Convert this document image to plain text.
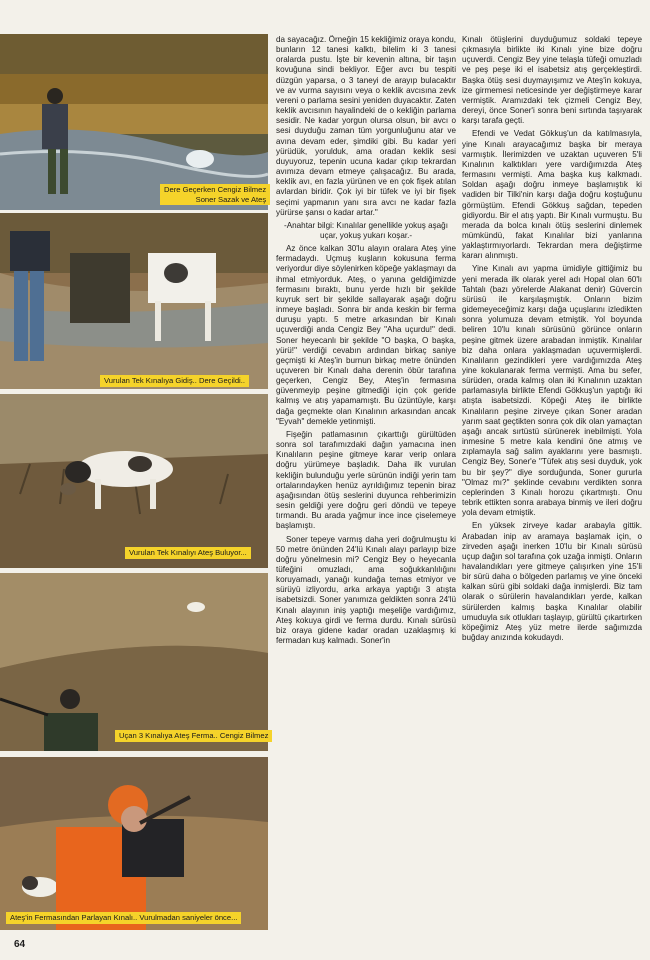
Dere Geçerken Cengiz Bilmez
Soner Sazak ve Ateş
Vurulan Tek Kınalıya Gidiş.. Dere Geçildi..
Vurulan Tek Kınalıyı Ateş Buluyor...
Uçan 3 Kınalıya Ateş Ferma.. Cengiz Bilmez
Ateş'in Fermasından Parlayan Kınalı.. Vurulmadan saniyeler önce...

da sayacağız. Örneğin 15 kekliğimiz oraya kondu, bunların 12 tanesi kalktı, bilelim ki 3 tanesi oralarda pustu. İşte bir kevenin altına, bir taşın kovuğuna sindi bekliyor. Eğer avcı bu tespiti düzgün yaparsa, o 3 taneyi de arayıp bulacaktır ve av vurma sayısını veya o keklik avcısına zevk vereni o parlama sesini yeniden duyacaktır. Zaten keklik avcısının hayalindeki de o kekliğin parlama sesidir. Ne kadar yorgun olursa olsun, bir avcı o sesi duyduğu zaman tüm yorgunluğunu atar ve avına devam eder, şimdiki gibi. Bu kadar yeri yürüdük, yorulduk, ama oradan keklik sesi duyuyoruz, tepenin ucuna kadar çıkıp tekrardan avımıza devam etmeye çalışacağız. Bu arada, keklik avı, en fazla yürünen ve en çok fişek atılan avlardan biridir. Çok iyi bir tüfek ve iyi bir fişek seçimi yapmanın yanı sıra avcı ne kadar fazla yürürse şansı o kadar artar."

-Anahtar bilgi: Kınalılar genellikle yokuş aşağı uçar, yokuş yukarı koşar.-

Az önce kalkan 30'lu alayın oralara Ateş yine fermadaydı. Uçmuş kuşların kokusuna ferma veriyordur diye söylenirken köpeğe yaklaşmayı da ihmal etmiyorduk. Ateş, o yanına geldiğimizde fermasını bıraktı, bunu yerde hızlı bir şekilde kuyruk sert bir şekilde sallayarak aşağı doğru inmeye başladı. Sonra bir anda keskin bir ferma duruşu yaptı. 5 metre arkasından bir Kınalı uçuverdiği anda Cengiz Bey "Aha uçurdu!" dedi. Soner heyecanlı bir şekilde "O başka, O başka, yürü!" verdiği cevabın ardından birkaç saniye geçmişti ki Ateş'in burnun birkaç metre önünden uçuveren bir Kınalı daha derenin öbür tarafına geçerken, Cengiz Bey, Ateş'in fermasına güvenmeyip peşine gitmediği için çok geride kalmış ve atış yapamamıştı. Bu üzüntüyle, karşı dağa geçmekte olan Kınalının arkasından ancak "Eyvah" demekle yetinmişti.

Fişeğin patlamasının çıkarttığı gürültüden sonra sol tarafımızdaki dağın yamacına inen Kınalıların peşine gitmeye karar verip onlara doğru yürümeye başladık. Daha ilk vurulan kekliğin bulunduğu yerle sürünün indiği yerin tam ortalarındayken henüz ayrıldığımız tepenin biraz aşağısından ötüş seslerini duyunca rehberimizin sesin geldiği yere doğru geri döndü ve tepeye tırmandı. Bu arada yağmur ince ince çiselemeye başlamıştı.

Soner tepeye varmış daha yeri doğrulmuştu ki 50 metre önünden 24'lü Kınalı alayı parlayıp bize doğru yönelmesin mi? Cengiz Bey o heyecanla tüfeğini omuzladı, ama soğukkanlılığını koruyamadı, yanağı kundağa temas etmiyor ve sürüyü izliyordu, arka arkaya yaptığı 3 atışta isabetsizdi. Soner yanımıza geldikten sonra 24'lü Kınalı alayının iniş yaptığı meşeliğe vardığımız, Ateş kokuya girdi ve ferma durdu. Kınalı sürüsü biz oraya gidene kadar oradan uzaklaşmış ki fermadan kuş kalmadı. Soner'in

Kınalı ötüşlerini duyduğumuz soldaki tepeye çıkmasıyla birlikte iki Kınalı yine bize doğru uçuverdi. Cengiz Bey yine telaşla tüfeği omuzladı ve peş peşe iki el isabetsiz atış gerçekleştirdi. Başka ötüş sesi duymayışımız ve Ateş'in kokuya, ize girmemesi neticesinde yer değiştirmeye karar vermiştik. Aramızdaki tek çizmeli Cengiz Bey, dereyi, önce Soner'i sonra beni sırtında taşıyarak karşı tarafa geçti.

Efendi ve Vedat Gökkuş'un da katılmasıyla, yine Kınalı arayacağımız başka bir meraya varmıştık. İlerimizden ve uzaktan uçuveren 5'li Kınalının kalktıkları yere vardığımızda Ateş fermasını vermişti. Ama başka kuş kalkmadı. Soldan aşağı doğru inmeye başlamıştık ki vadiden bir Tilki'nin karşı dağa doğru koştuğunu görmüştüm. Efendi Gökkuş sağdan, tepeden gidiyordu. Bir el atış yaptı. Bir Kınalı vurmuştu. Bu merada da bolca kınalı ötüş seslerini dinlemek mümkündü, fakat Kınalılar bizi yanlarına yaklaştırmıyorlardı. Tekrardan mera değiştirme kararı alınmıştı.

Yine Kınalı avı yapma ümidiyle gittiğimiz bu yeni merada ilk olarak yerel adı Hopal olan 60'lı Tahtalı (bazı yörelerde Alakanat denir) Güvercin sürüsü ile karşılaşmıştık. Onların bizim gidemeyeceğimiz karşı dağa uçuşlarını izledikten sonra yolumuza devam etmiştik. Yol boyunda beliren 10'lu kınalı sürüsünü görünce onların peşine gitmek üzere arabadan inmiştik. Kınalılar biz daha onlara yaklaşmadan uçuvermişlerdi. Kınalıların gezindikleri yere vardığımızda Ateş yine kokulanarak ferma vermişti. Ama bu sefer, sürüden, orada kalmış olan iki Kınalının uzaktan parlamasıyla birlikte Efendi Gökkuş'un yaptığı iki atışta isabetsizdi. Köpeği Ateş ile birlikte Kınalıların peşine zirveye çıkan Soner aradan yarım saat geçtikten sonra çok dik olan yamaçtan aşağı ancak sırtüstü sürünerek inebilmişti. Yola inmesine 5 metre kala kendini öne atmış ve zıplamayla sağ salim ayaklarını yere basmıştı. Cengiz Bey, Soner'e "Tüfek atış sesi duyduk, yok bu bir şey?" diye sorduğunda, Soner gururla "Olmaz mı?" şeklinde cevabını verdikten sonra ceplerinden 3 Kınalı horozu çıkartmıştı. Onu tebrik ettikten sonra arabaya binmiş ve ileri doğru yola devam etmiştik.

En yüksek zirveye kadar arabayla gittik. Arabadan inip av aramaya başlamak için, o zirveden aşağı inerken 10'lu bir Kınalı sürüsü uçup dağın sol tarafına çok uzağa inmişti. Onların havalandıkları yere gitmeye çalışırken yine 15'li bir sürü daha o bölgeden parlamış ve yine önceki kalkan sürü gibi soldaki dağa inmişlerdi. Biz tam olarak o sürülerin havalandıkları yerde, kalkan sürülerden kalmış başka Kınalılar olabilir umuduyla sık otlukları taşlayıp, gürültü çıkartırken köpeğimiz Ateş yüz metre ilerde sağımızda buğday anızında kokudaydı.

64
